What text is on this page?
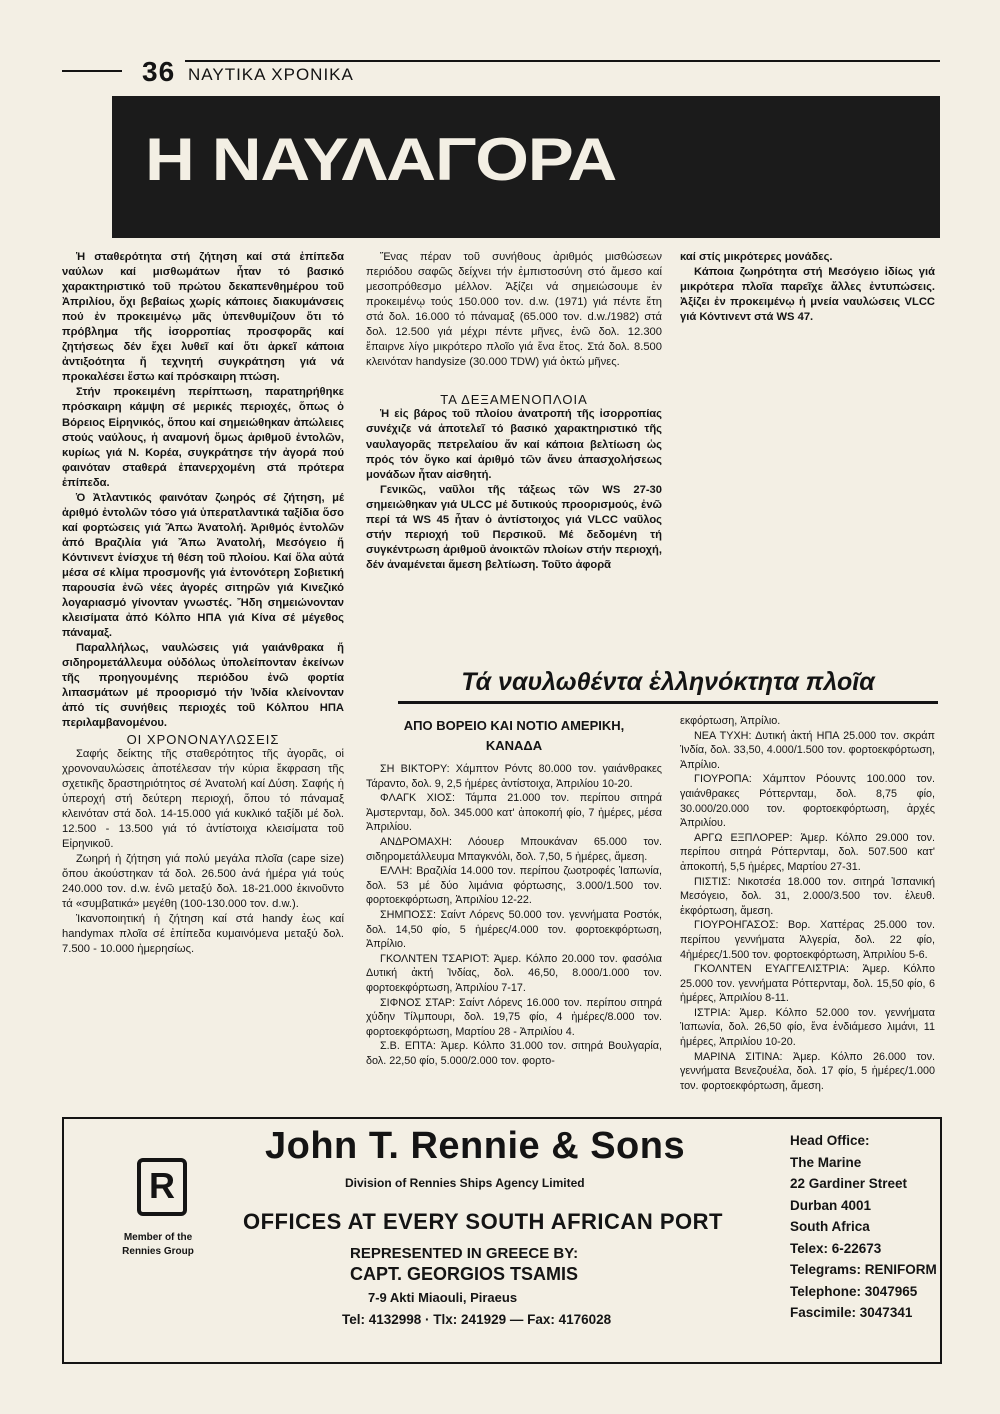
36 ΝΑΥΤΙΚΑ ΧΡΟΝΙΚΑ
Η ΝΑΥΛΑΓΟΡΑ

Ἡ σταθερότητα στή ζήτηση καί στά ἐπίπεδα ναύλων καί μισθωμάτων ἦταν τό βασικό χαρακτηριστικό τοῦ πρώτου δεκαπενθημέρου τοῦ Ἀπριλίου, ὄχι βεβαίως χωρίς κάποιες διακυμάνσεις πού ἐν προκειμένῳ μᾶς ὑπενθυμίζουν ὅτι τό πρόβλημα τῆς ἰσορροπίας προσφορᾶς καί ζητήσεως δέν ἔχει λυθεῖ καί ὅτι ἀρκεῖ κάποια ἀντιξοότητα ἤ τεχνητή συγκράτηση γιά νά προκαλέσει ἔστω καί πρόσκαιρη πτώση.

Στήν προκειμένη περίπτωση, παρατηρήθηκε πρόσκαιρη κάμψη σέ μερικές περιοχές, ὅπως ὁ Βόρειος Εἰρηνικός, ὅπου καί σημειώθηκαν ἀπώλειες στούς ναύλους, ἡ αναμονή ὅμως ἀριθμοῦ ἐντολῶν, κυρίως γιά Ν. Κορέα, συγκράτησε τήν ἀγορά πού φαινόταν σταθερά ἐπανερχομένη στά πρότερα ἐπίπεδα.

Ὁ Ἀτλαντικός φαινόταν ζωηρός σέ ζήτηση, μέ ἀριθμό ἐντολῶν τόσο γιά ὑπερατλαντικά ταξίδια ὅσο καί φορτώσεις γιά Ἄπω Ἀνατολή. Ἀριθμός ἐντολῶν ἀπό Βραζιλία γιά Ἄπω Ἀνατολή, Μεσόγειο ἤ Κόντινεντ ἐνίσχυε τή θέση τοῦ πλοίου. Καί ὅλα αὐτά μέσα σέ κλίμα προσμονῆς γιά ἐντονότερη Σοβιετική παρουσία ἐνῶ νέες ἀγορές σιτηρῶν γιά Κινεζικό λογαριασμό γίνονταν γνωστές. Ἤδη σημειώνονταν κλεισίματα ἀπό Κόλπο ΗΠΑ γιά Κίνα σέ μέγεθος πάναμαξ.

Παραλλήλως, ναυλώσεις γιά γαιάνθρακα ἤ σιδηρομετάλλευμα οὐδόλως ὑπολείπονταν ἐκείνων τῆς προηγουμένης περιόδου ἐνῶ φορτία λιπασμάτων μέ προορισμό τήν Ἰνδία κλείνονταν ἀπό τίς συνήθεις περιοχές τοῦ Κόλπου ΗΠΑ περιλαμβανομένου.

ΟΙ ΧΡΟΝΟΝΑΥΛΩΣΕΙΣ

Σαφής δείκτης τῆς σταθερότητος τῆς ἀγορᾶς, οἱ χρονοναυλώσεις ἀποτέλεσαν τήν κύρια ἔκφραση τῆς σχετικῆς δραστηριότητος σέ Ἀνατολή καί Δύση. Σαφής ἡ ὑπεροχή στή δεύτερη περιοχή, ὅπου τό πάναμαξ κλεινόταν στά δολ. 14-15.000 γιά κυκλικό ταξίδι μέ δολ. 12.500 - 13.500 γιά τό ἀντίστοιχα κλεισίματα τοῦ Εἰρηνικοῦ.

Ζωηρή ἡ ζήτηση γιά πολύ μεγάλα πλοῖα (cape size) ὅπου ἀκούστηκαν τά δολ. 26.500 ἀνά ἡμέρα γιά τούς 240.000 τον. d.w. ἐνῶ μεταξύ δολ. 18-21.000 ἐκινοῦντο τά «συμβατικά» μεγέθη (100-130.000 τον. d.w.).

Ἱκανοποιητική ἡ ζήτηση καί στά handy ἐως καί handymax πλοῖα σέ ἐπίπεδα κυμαινόμενα μεταξύ δολ. 7.500 - 10.000 ἡμερησίως.

Ἕνας πέραν τοῦ συνήθους ἀριθμός μισθώσεων περιόδου σαφῶς δείχνει τήν ἐμπιστοσύνη στό ἄμεσο καί μεσοπρόθεσμο μέλλον. Ἀξίζει νά σημειώσουμε ἐν προκειμένῳ τούς 150.000 τον. d.w. (1971) γιά πέντε ἔτη στά δολ. 16.000 τό πάναμαξ (65.000 τον. d.w./1982) στά δολ. 12.500 γιά μέχρι πέντε μῆνες, ἐνῶ δολ. 12.300 ἔπαιρνε λίγο μικρότερο πλοῖο γιά ἕνα ἔτος. Στά δολ. 8.500 κλεινόταν handysize (30.000 TDW) γιά ὀκτώ μῆνες.

ΤΑ ΔΕΞΑΜΕΝΟΠΛΟΙΑ

Ἡ εἰς βάρος τοῦ πλοίου ἀνατροπή τῆς ἰσορροπίας συνέχιζε νά ἀποτελεῖ τό βασικό χαρακτηριστικό τῆς ναυλαγορᾶς πετρελαίου ἄν καί κάποια βελτίωση ὡς πρός τόν ὄγκο καί ἀριθμό τῶν ἄνευ ἀπασχολήσεως μονάδων ἦταν αἰσθητή.

Γενικῶς, ναῦλοι τῆς τάξεως τῶν WS 27-30 σημειώθηκαν γιά ULCC μέ δυτικούς προορισμούς, ἐνῶ περί τά WS 45 ἦταν ὁ ἀντίστοιχος γιά VLCC ναῦλος στήν περιοχή τοῦ Περσικοῦ. Μέ δεδομένη τή συγκέντρωση ἀριθμοῦ ἀνοικτῶν πλοίων στήν περιοχή, δέν ἀναμένεται ἄμεση βελτίωση. Τοῦτο ἀφορᾶ

καί στίς μικρότερες μονάδες.

Κάποια ζωηρότητα στή Μεσόγειο ἰδίως γιά μικρότερα πλοῖα παρεῖχε ἄλλες ἐντυπώσεις. Ἀξίζει ἐν προκειμένῳ ἡ μνεία ναυλώσεις VLCC γιά Κόντινεντ στά WS 47.

Τά ναυλωθέντα ἑλληνόκτητα πλοῖα
ΑΠΟ ΒΟΡΕΙΟ ΚΑΙ ΝΟΤΙΟ ΑΜΕΡΙΚΗ,
ΚΑΝΑΔΑ

ΣΗ ΒΙΚΤΟΡΥ: Χάμπτον Ρόντς 80.000 τον. γαιάνθρακες Τάραντο, δολ. 9, 2,5 ἡμέρες ἀντίστοιχα, Ἀπριλίου 10-20.

ΦΛΑΓΚ ΧΙΟΣ: Τάμπα 21.000 τον. περίπου σιτηρά Ἀμστερνταμ, δολ. 345.000 κατ' ἀποκοπή φίο, 7 ἡμέρες, μέσα Ἀπριλίου.

ΑΝΔΡΟΜΑΧΗ: Λόουερ Μπουκάναν 65.000 τον. σιδηρομετάλλευμα Μπαγκνόλι, δολ. 7,50, 5 ἡμέρες, ἄμεση.

ΕΛΛΗ: Βραζιλία 14.000 τον. περίπου ζωοτροφές Ἰαπωνία, δολ. 53 μέ δύο λιμάνια φόρτωσης, 3.000/1.500 τον. φορτοεκφόρτωση, Ἀπριλίου 12-22.

ΣΗΜΠΟΣΣ: Σαίντ Λόρενς 50.000 τον. γεννήματα Ροστόκ, δολ. 14,50 φίο, 5 ἡμέρες/4.000 τον. φορτοεκφόρτωση, Ἀπρίλιο.

ΓΚΟΛΝΤΕΝ ΤΣΑΡΙΟΤ: Ἀμερ. Κόλπο 20.000 τον. φασόλια Δυτική ἀκτή Ἰνδίας, δολ. 46,50, 8.000/1.000 τον. φορτοεκφόρτωση, Ἀπριλίου 7-17.

ΣΙΦΝΟΣ ΣΤΑΡ: Σαίντ Λόρενς 16.000 τον. περίπου σιτηρά χύδην Τίλμπουρι, δολ. 19,75 φίο, 4 ἡμέρες/8.000 τον. φορτοεκφόρτωση, Μαρτίου 28 - Ἀπριλίου 4.

Σ.Β. ΕΠΤΑ: Ἀμερ. Κόλπο 31.000 τον. σιτηρά Βουλγαρία, δολ. 22,50 φίο, 5.000/2.000 τον. φορτο-

εκφόρτωση, Ἀπρίλιο.

ΝΕΑ ΤΥΧΗ: Δυτική ἀκτή ΗΠΑ 25.000 τον. σκράπ Ἰνδία, δολ. 33,50, 4.000/1.500 τον. φορτοεκφόρτωση, Ἀπρίλιο.

ΓΙΟΥΡΟΠΑ: Χάμπτον Ρόουντς 100.000 τον. γαιάνθρακες Ρόττερνταμ, δολ. 8,75 φίο, 30.000/20.000 τον. φορτοεκφόρτωση, ἀρχές Ἀπριλίου.

ΑΡΓΩ ΕΞΠΛΟΡΕΡ: Ἀμερ. Κόλπο 29.000 τον. περίπου σιτηρά Ρόττερνταμ, δολ. 507.500 κατ' ἀποκοπή, 5,5 ἡμέρες, Μαρτίου 27-31.

ΠΙΣΤΙΣ: Νικοτσέα 18.000 τον. σιτηρά Ἰσπανική Μεσόγειο, δολ. 31, 2.000/3.500 τον. ἐλευθ. ἐκφόρτωση, ἄμεση.

ΓΙΟΥΡΟΗΓΑΣΟΣ: Βορ. Χαττέρας 25.000 τον. περίπου γεννήματα Ἀλγερία, δολ. 22 φίο, 4ἡμέρες/1.500 τον. φορτοεκφόρτωση, Ἀπριλίου 5-6.

ΓΚΟΛΝΤΕΝ ΕΥΑΓΓΕΛΙΣΤΡΙΑ: Ἀμερ. Κόλπο 25.000 τον. γεννήματα Ρόττερνταμ, δολ. 15,50 φίο, 6 ἡμέρες, Ἀπριλίου 8-11.

ΙΣΤΡΙΑ: Ἀμερ. Κόλπο 52.000 τον. γεννήματα Ἰαπωνία, δολ. 26,50 φίο, ἕνα ἐνδιάμεσο λιμάνι, 11 ἡμέρες, Ἀπριλίου 10-20.

ΜΑΡΙΝΑ ΣΙΤΙΝΑ: Ἀμερ. Κόλπο 26.000 τον. γεννήματα Βενεζουέλα, δολ. 17 φίο, 5 ἡμέρες/1.000 τον. φορτοεκφόρτωση, ἄμεση.

R
Member of the
Rennies Group
John T. Rennie & Sons
Division of Rennies Ships Agency Limited
OFFICES AT EVERY SOUTH AFRICAN PORT
REPRESENTED IN GREECE BY:
CAPT. GEORGIOS TSAMIS
7-9 Akti Miaouli, Piraeus
Tel: 4132998 · Tlx: 241929 — Fax: 4176028
Head Office:
The Marine
22 Gardiner Street
Durban 4001
South Africa
Telex: 6-22673
Telegrams: RENIFORM
Telephone: 3047965
Fascimile: 3047341
